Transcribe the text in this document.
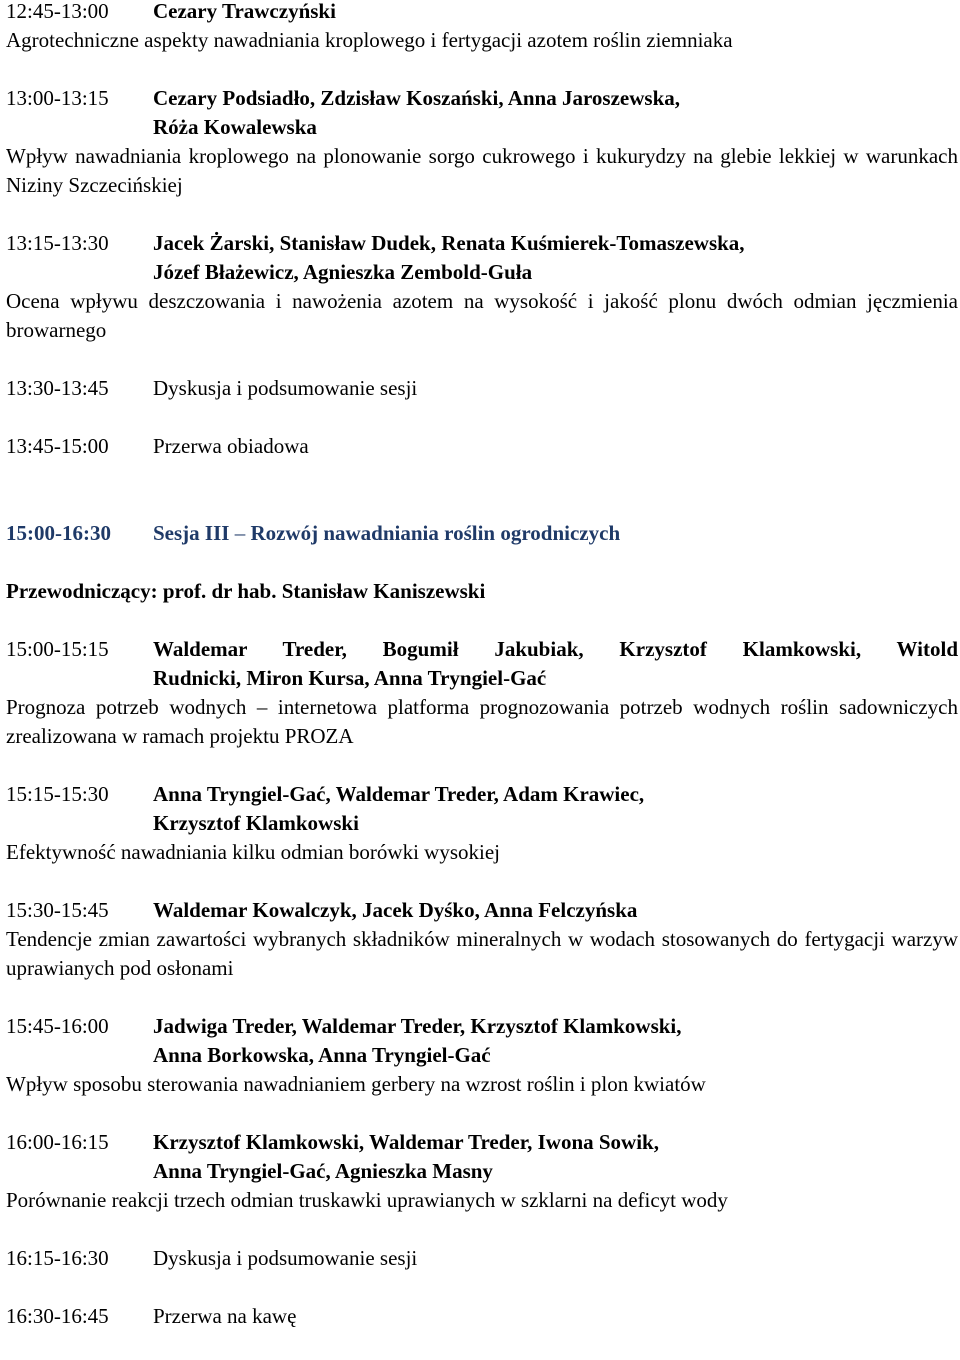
12:45-13:00	Cezary Trawczyński
Agrotechniczne aspekty nawadniania kroplowego i fertygacji azotem roślin ziemniaka
13:00-13:15	Cezary Podsiadło, Zdzisław Koszański, Anna Jaroszewska,
Róża Kowalewska
Wpływ nawadniania kroplowego na plonowanie sorgo cukrowego i kukurydzy na glebie lekkiej w warunkach Niziny Szczecińskiej
13:15-13:30	Jacek Żarski, Stanisław Dudek, Renata Kuśmierek-Tomaszewska,
Józef Błażewicz, Agnieszka Zembold-Guła
Ocena wpływu deszczowania i nawożenia azotem na wysokość i jakość plonu dwóch odmian jęczmienia browarnego
13:30-13:45	Dyskusja i podsumowanie sesji
13:45-15:00	Przerwa obiadowa
15:00-16:30	Sesja III – Rozwój nawadniania roślin ogrodniczych
Przewodniczący: prof. dr hab. Stanisław Kaniszewski
15:00-15:15	Waldemar Treder, Bogumił Jakubiak, Krzysztof Klamkowski, Witold
Rudnicki, Miron Kursa, Anna Tryngiel-Gać
Prognoza potrzeb wodnych – internetowa platforma prognozowania potrzeb wodnych roślin sadowniczych zrealizowana w ramach projektu PROZA
15:15-15:30	Anna Tryngiel-Gać, Waldemar Treder, Adam Krawiec,
Krzysztof Klamkowski
Efektywność nawadniania kilku odmian borówki wysokiej
15:30-15:45	Waldemar Kowalczyk, Jacek Dyśko, Anna Felczyńska
Tendencje zmian zawartości wybranych składników mineralnych w wodach stosowanych do fertygacji warzyw uprawianych pod osłonami
15:45-16:00	Jadwiga Treder, Waldemar Treder, Krzysztof Klamkowski,
Anna Borkowska, Anna Tryngiel-Gać
Wpływ sposobu sterowania nawadnianiem gerbery na wzrost roślin i plon kwiatów
16:00-16:15	Krzysztof Klamkowski, Waldemar Treder, Iwona Sowik,
Anna Tryngiel-Gać, Agnieszka Masny
Porównanie reakcji trzech odmian truskawki uprawianych w szklarni na deficyt wody
16:15-16:30	Dyskusja i podsumowanie sesji
16:30-16:45	Przerwa na kawę
